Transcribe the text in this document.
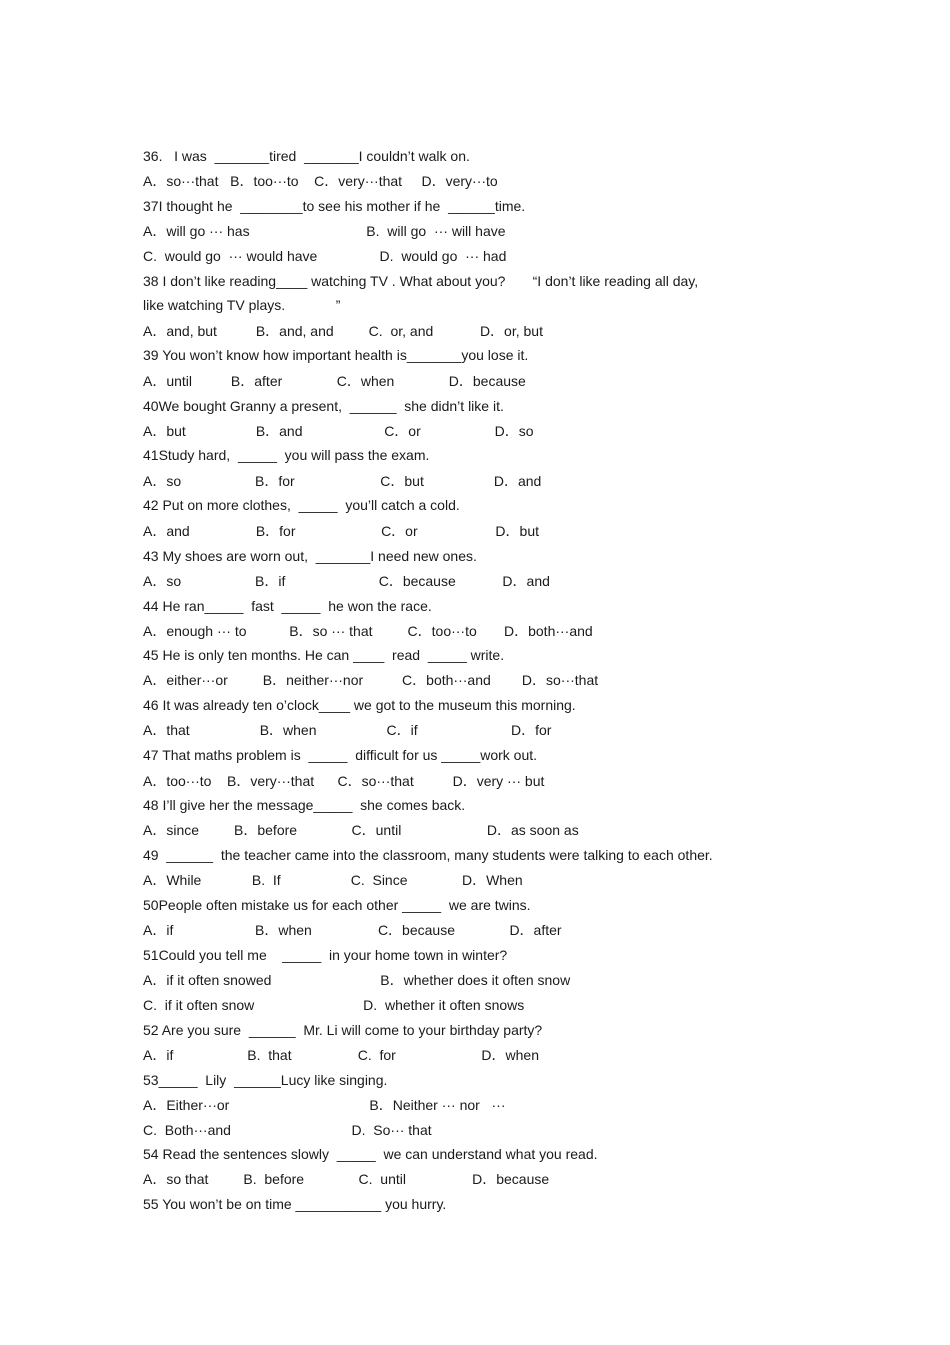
36.   I was  _______tired  _______I couldn’t walk on.
A．so···that   B．too···to    C．very···that     D．very···to
37I thought he  ________to see his mother if he  ______time.
A．will go ··· has                              B.  will go  ··· will have
C.  would go  ··· would have                D.  would go  ··· had
38 I don’t like reading____ watching TV . What about you?       “I don’t like reading all day,
like watching TV plays.             ”
A．and, but          B．and, and         C.  or, and            D．or, but
39 You won’t know how important health is_______you lose it.
A．until          B．after              C．when              D．because
40We bought Granny a present,  ______  she didn’t like it.
A．but                  B．and                     C．or                   D．so
41Study hard,  _____  you will pass the exam.
A．so                   B．for                      C．but                  D．and
42 Put on more clothes,  _____  you’ll catch a cold.
A．and                 B．for                      C．or                    D．but
43 My shoes are worn out,  _______I need new ones.
A．so                   B．if                        C．because            D．and
44 He ran_____  fast  _____  he won the race.
A．enough ··· to           B．so ··· that         C．too···to       D．both···and
45 He is only ten months. He can ____  read  _____ write.
A．either···or         B．neither···nor          C．both···and        D．so···that
46 It was already ten o’clock____ we got to the museum this morning.
A．that                  B．when                  C．if                        D．for
47 That maths problem is  _____  difficult for us _____work out.
A．too···to    B．very···that      C．so···that          D．very ··· but
48 I’ll give her the message_____  she comes back.
A．since         B．before              C．until                      D．as soon as
49  ______  the teacher came into the classroom, many students were talking to each other.
A．While             B.  If                  C.  Since              D．When
50People often mistake us for each other _____  we are twins.
A．if                     B．when                 C．because              D．after
51Could you tell me    _____  in your home town in winter?
A．if it often snowed                            B．whether does it often snow
C.  if it often snow                            D.  whether it often snows
52 Are you sure  ______  Mr. Li will come to your birthday party?
A．if                   B.  that                 C.  for                      D．when
53_____  Lily  ______Lucy like singing.
A．Either···or                                    B．Neither ··· nor   ···
C.  Both···and                               D.  So··· that
54 Read the sentences slowly  _____  we can understand what you read.
A．so that         B.  before              C.  until                 D．because
55 You won’t be on time ___________ you hurry.
